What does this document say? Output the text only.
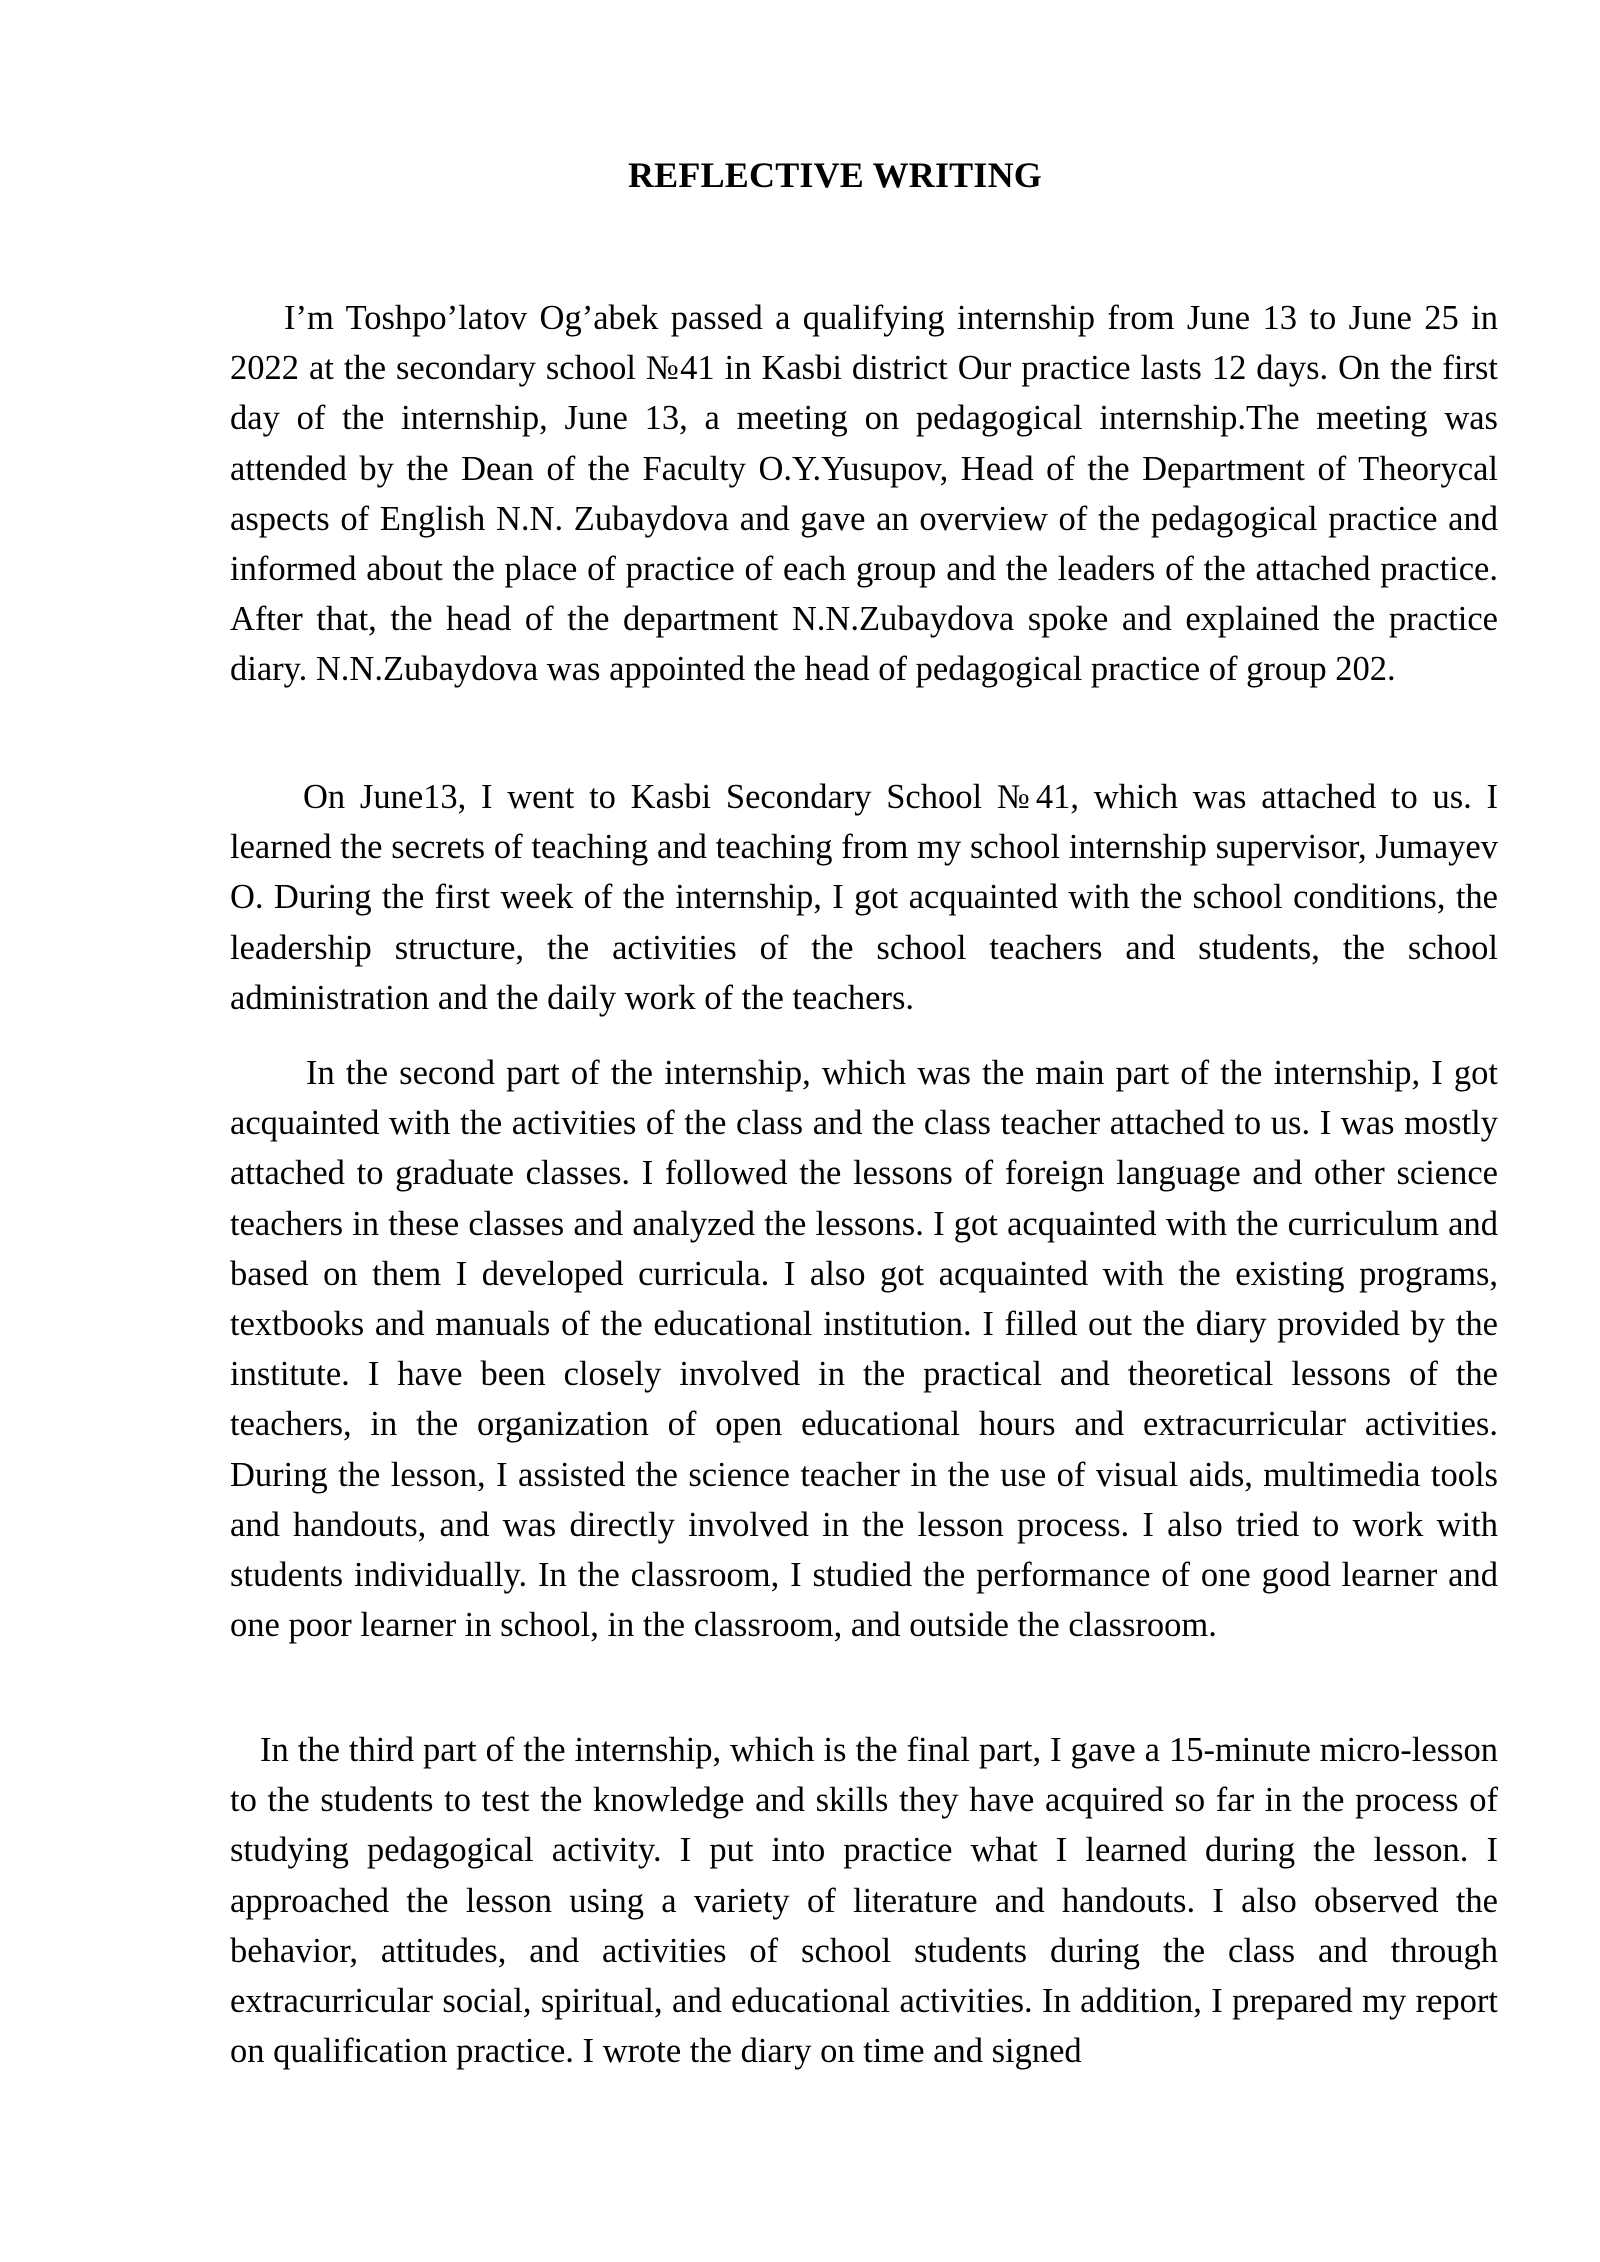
REFLECTIVE WRITING

I’m Toshpo’latov Og’abek passed a qualifying internship from June 13 to June 25 in 2022 at the secondary school №41 in Kasbi district Our practice lasts 12 days. On the first day of the internship, June 13, a meeting on pedagogical internship.The meeting was attended by the Dean of the Faculty O.Y.Yusupov, Head of the Department of Theorycal aspects of English N.N. Zubaydova and gave an overview of the pedagogical practice and informed about the place of practice of each group and the leaders of the attached practice. After that, the head of the department N.N.Zubaydova spoke and explained the practice diary. N.N.Zubaydova was appointed the head of pedagogical practice of group 202.

On June13, I went to Kasbi Secondary School №41, which was attached to us. I learned the secrets of teaching and teaching from my school internship supervisor, Jumayev O. During the first week of the internship, I got acquainted with the school conditions, the leadership structure, the activities of the school teachers and students, the school administration and the daily work of the teachers.

In the second part of the internship, which was the main part of the internship, I got acquainted with the activities of the class and the class teacher attached to us. I was mostly attached to graduate classes. I followed the lessons of foreign language and other science teachers in these classes and analyzed the lessons. I got acquainted with the curriculum and based on them I developed curricula. I also got acquainted with the existing programs, textbooks and manuals of the educational institution. I filled out the diary provided by the institute. I have been closely involved in the practical and theoretical lessons of the teachers, in the organization of open educational hours and extracurricular activities. During the lesson, I assisted the science teacher in the use of visual aids, multimedia tools and handouts, and was directly involved in the lesson process. I also tried to work with students individually. In the classroom, I studied the performance of one good learner and one poor learner in school, in the classroom, and outside the classroom.

In the third part of the internship, which is the final part, I gave a 15-minute micro-lesson to the students to test the knowledge and skills they have acquired so far in the process of studying pedagogical activity. I put into practice what I learned during the lesson. I approached the lesson using a variety of literature and handouts. I also observed the behavior, attitudes, and activities of school students during the class and through extracurricular social, spiritual, and educational activities. In addition, I prepared my report on qualification practice. I wrote the diary on time and signed
